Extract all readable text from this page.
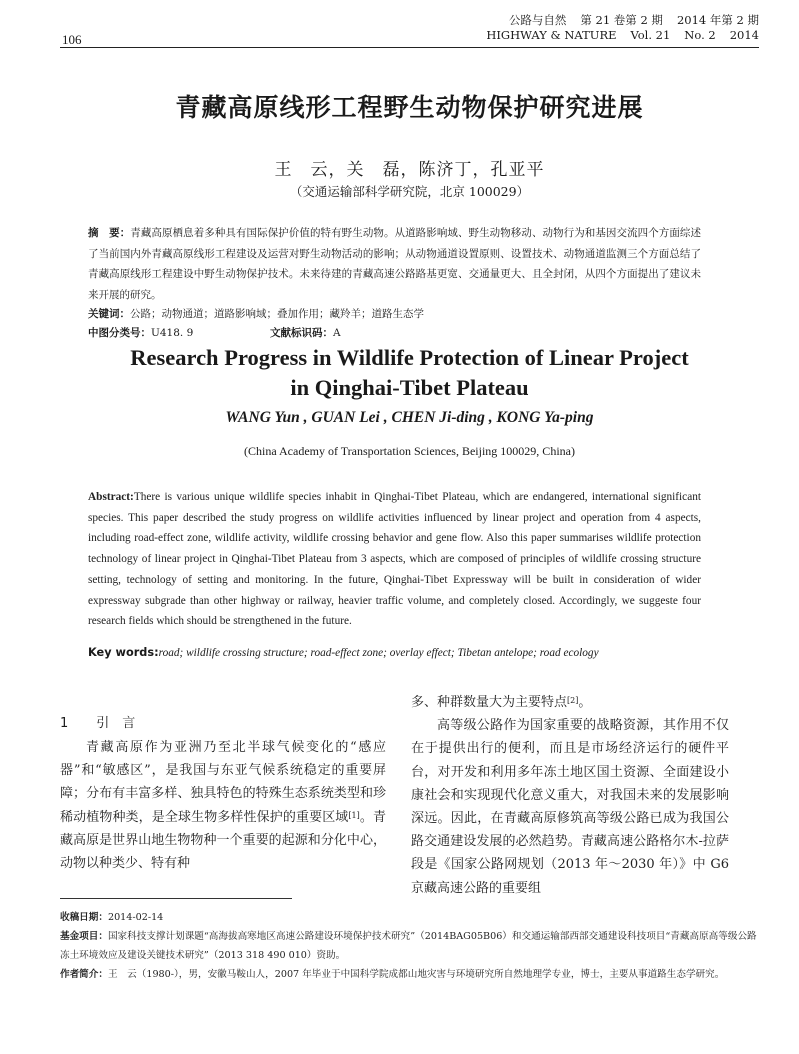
106
公路与自然 第 21 卷第 2 期 2014 年第 2 期
HIGHWAY & NATURE Vol. 21 No. 2 2014
青藏高原线形工程野生动物保护研究进展
王　云，关　磊，陈济丁，孔亚平
（交通运输部科学研究院，北京 100029）
摘　要：青藏高原栖息着多种具有国际保护价值的特有野生动物。从道路影响域、野生动物移动、动物行为和基因交流四个方面综述了当前国内外青藏高原线形工程建设及运营对野生动物活动的影响；从动物通道设置原则、设置技术、动物通道监测三个方面总结了青藏高原线形工程建设中野生动物保护技术。未来待建的青藏高速公路路基更宽、交通量更大、且全封闭，从四个方面提出了建议未来开展的研究。
关键词：公路；动物通道；道路影响域；叠加作用；藏羚羊；道路生态学
中图分类号：U418. 9	文献标识码：A
Research Progress in Wildlife Protection of Linear Project
in Qinghai-Tibet Plateau
WANG Yun , GUAN Lei , CHEN Ji-ding , KONG Ya-ping
(China Academy of Transportation Sciences, Beijing 100029, China)
Abstract:There is various unique wildlife species inhabit in Qinghai-Tibet Plateau, which are endangered, international significant species. This paper described the study progress on wildlife activities influenced by linear project and operation from 4 aspects, including road-effect zone, wildlife activity, wildlife crossing behavior and gene flow. Also this paper summarises wildlife protection technology of linear project in Qinghai-Tibet Plateau from 3 aspects, which are composed of principles of wildlife crossing structure setting, technology of setting and monitoring. In the future, Qinghai-Tibet Expressway will be built in consideration of wider expressway subgrade than other highway or railway, heavier traffic volume, and completely closed. Accordingly, we suggeste four research fields which should be strengthened in the future.
Key words:road; wildlife crossing structure; road-effect zone; overlay effect; Tibetan antelope; road ecology
1 引　言
青藏高原作为亚洲乃至北半球气候变化的“感应器”和“敏感区”，是我国与东亚气候系统稳定的重要屏障；分布有丰富多样、独具特色的特殊生态系统类型和珍稀动植物种类，是全球生物多样性保护的重要区域[1]。青藏高原是世界山地生物物种一个重要的起源和分化中心，动物以种类少、特有种
多、种群数量大为主要特点[2]。
高等级公路作为国家重要的战略资源，其作用不仅在于提供出行的便利，而且是市场经济运行的硬件平台，对开发和利用多年冻土地区国土资源、全面建设小康社会和实现现代化意义重大，对我国未来的发展影响深远。因此，在青藏高原修筑高等级公路已成为我国公路交通建设发展的必然趋势。青藏高速公路格尔木-拉萨段是《国家公路网规划（2013 年～2030 年）》中 G6 京藏高速公路的重要组
收稿日期：2014-02-14
基金项目：国家科技支撑计划课题“高海拔高寒地区高速公路建设环境保护技术研究”（2014BAG05B06）和交通运输部西部交通建设科技项目“青藏高原高等级公路冻土环境效应及建设关键技术研究”（2013 318 490 010）资助。
作者简介：王　云（1980-），男，安徽马鞍山人，2007 年毕业于中国科学院成都山地灾害与环境研究所自然地理学专业，博士，主要从事道路生态学研究。
